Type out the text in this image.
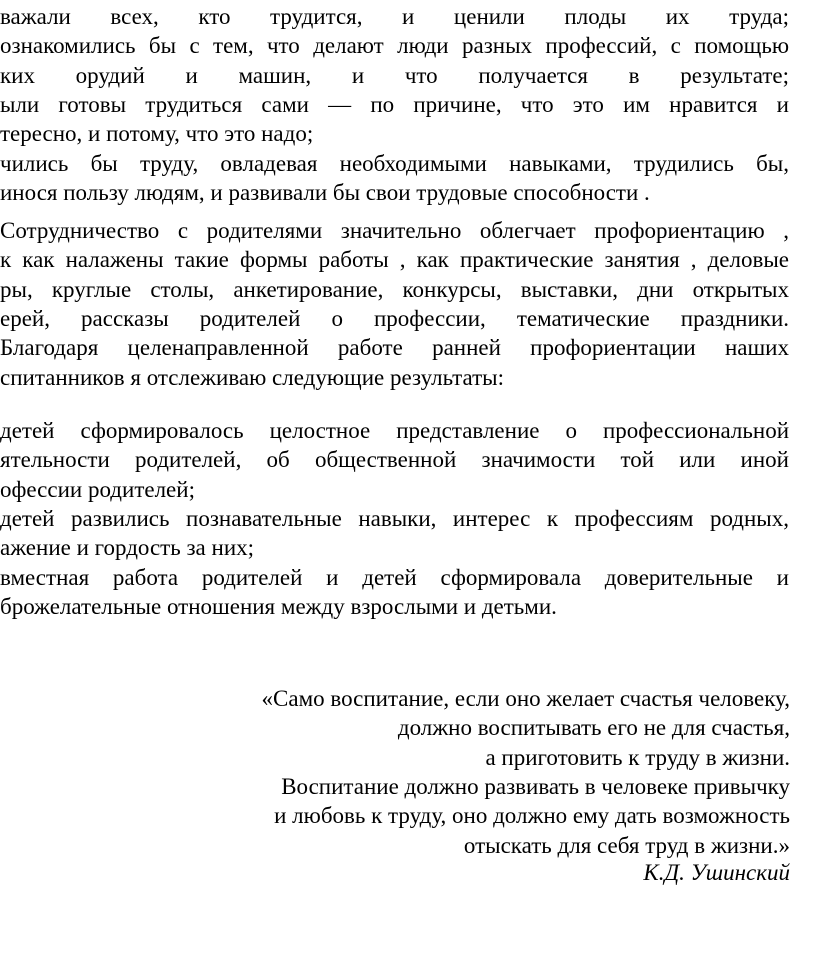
важали всех, кто трудится, и ценили плоды их труда;
ознакомились бы с тем, что делают люди разных профессий, с помощью
ких орудий и машин, и что получается в результате;
ыли готовы трудиться сами — по причине, что это им нравится и
тересно, и потому, что это надо;
чились бы труду, овладевая необходимыми навыками, трудились бы,
инося пользу людям, и развивали бы свои трудовые способности .
Сотрудничество с родителями значительно облегчает профориентацию ,
к как налажены такие формы работы , как практические занятия , деловые
ры, круглые столы, анкетирование, конкурсы, выставки, дни открытых
ерей, рассказы родителей о профессии, тематические праздники.
Благодаря целенаправленной работе ранней профориентации наших
спитанников я отслеживаю следующие результаты:
детей сформировалось целостное представление о профессиональной
ятельности родителей, об общественной значимости той или иной
офессии родителей;
детей развились познавательные навыки, интерес к профессиям родных,
ажение и гордость за них;
вместная работа родителей и детей сформировала доверительные и
брожелательные отношения между взрослыми и детьми.
«Само воспитание, если оно желает счастья человеку,
должно воспитывать его не для счастья,
а приготовить к труду в жизни.
Воспитание должно развивать в человеке привычку
и любовь к труду, оно должно ему дать возможность
отыскать для себя труд в жизни.»
К.Д. Ушинский
